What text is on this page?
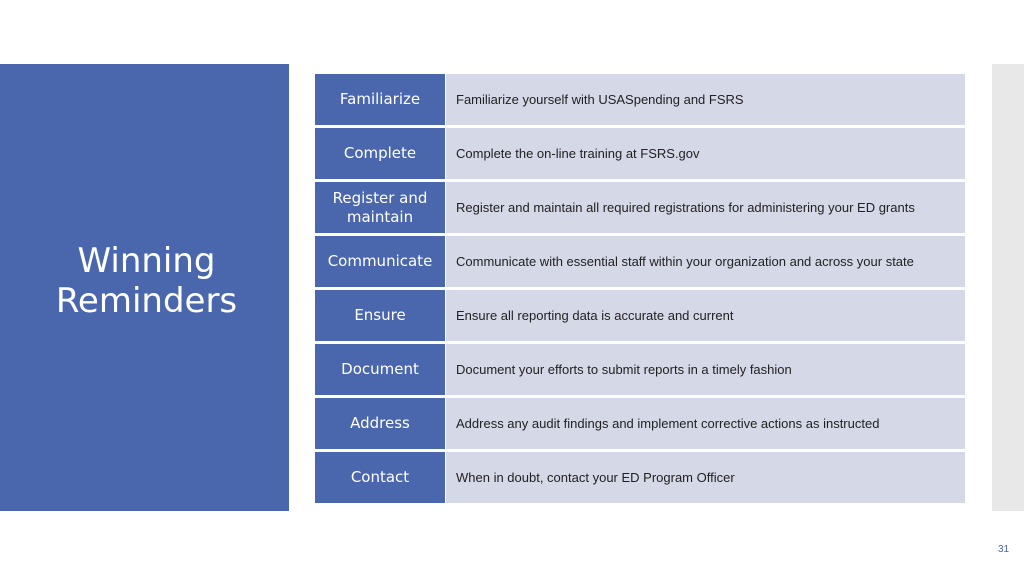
Winning Reminders
Familiarize	Familiarize yourself with USASpending and FSRS
Complete	Complete the on-line training at FSRS.gov
Register and maintain	Register and maintain all required registrations for administering your ED grants
Communicate	Communicate with essential staff within your organization and across your state
Ensure	Ensure all reporting data is accurate and current
Document	Document your efforts to submit reports in a timely fashion
Address	Address any audit findings and implement corrective actions as instructed
Contact	When in doubt, contact your ED Program Officer
31
